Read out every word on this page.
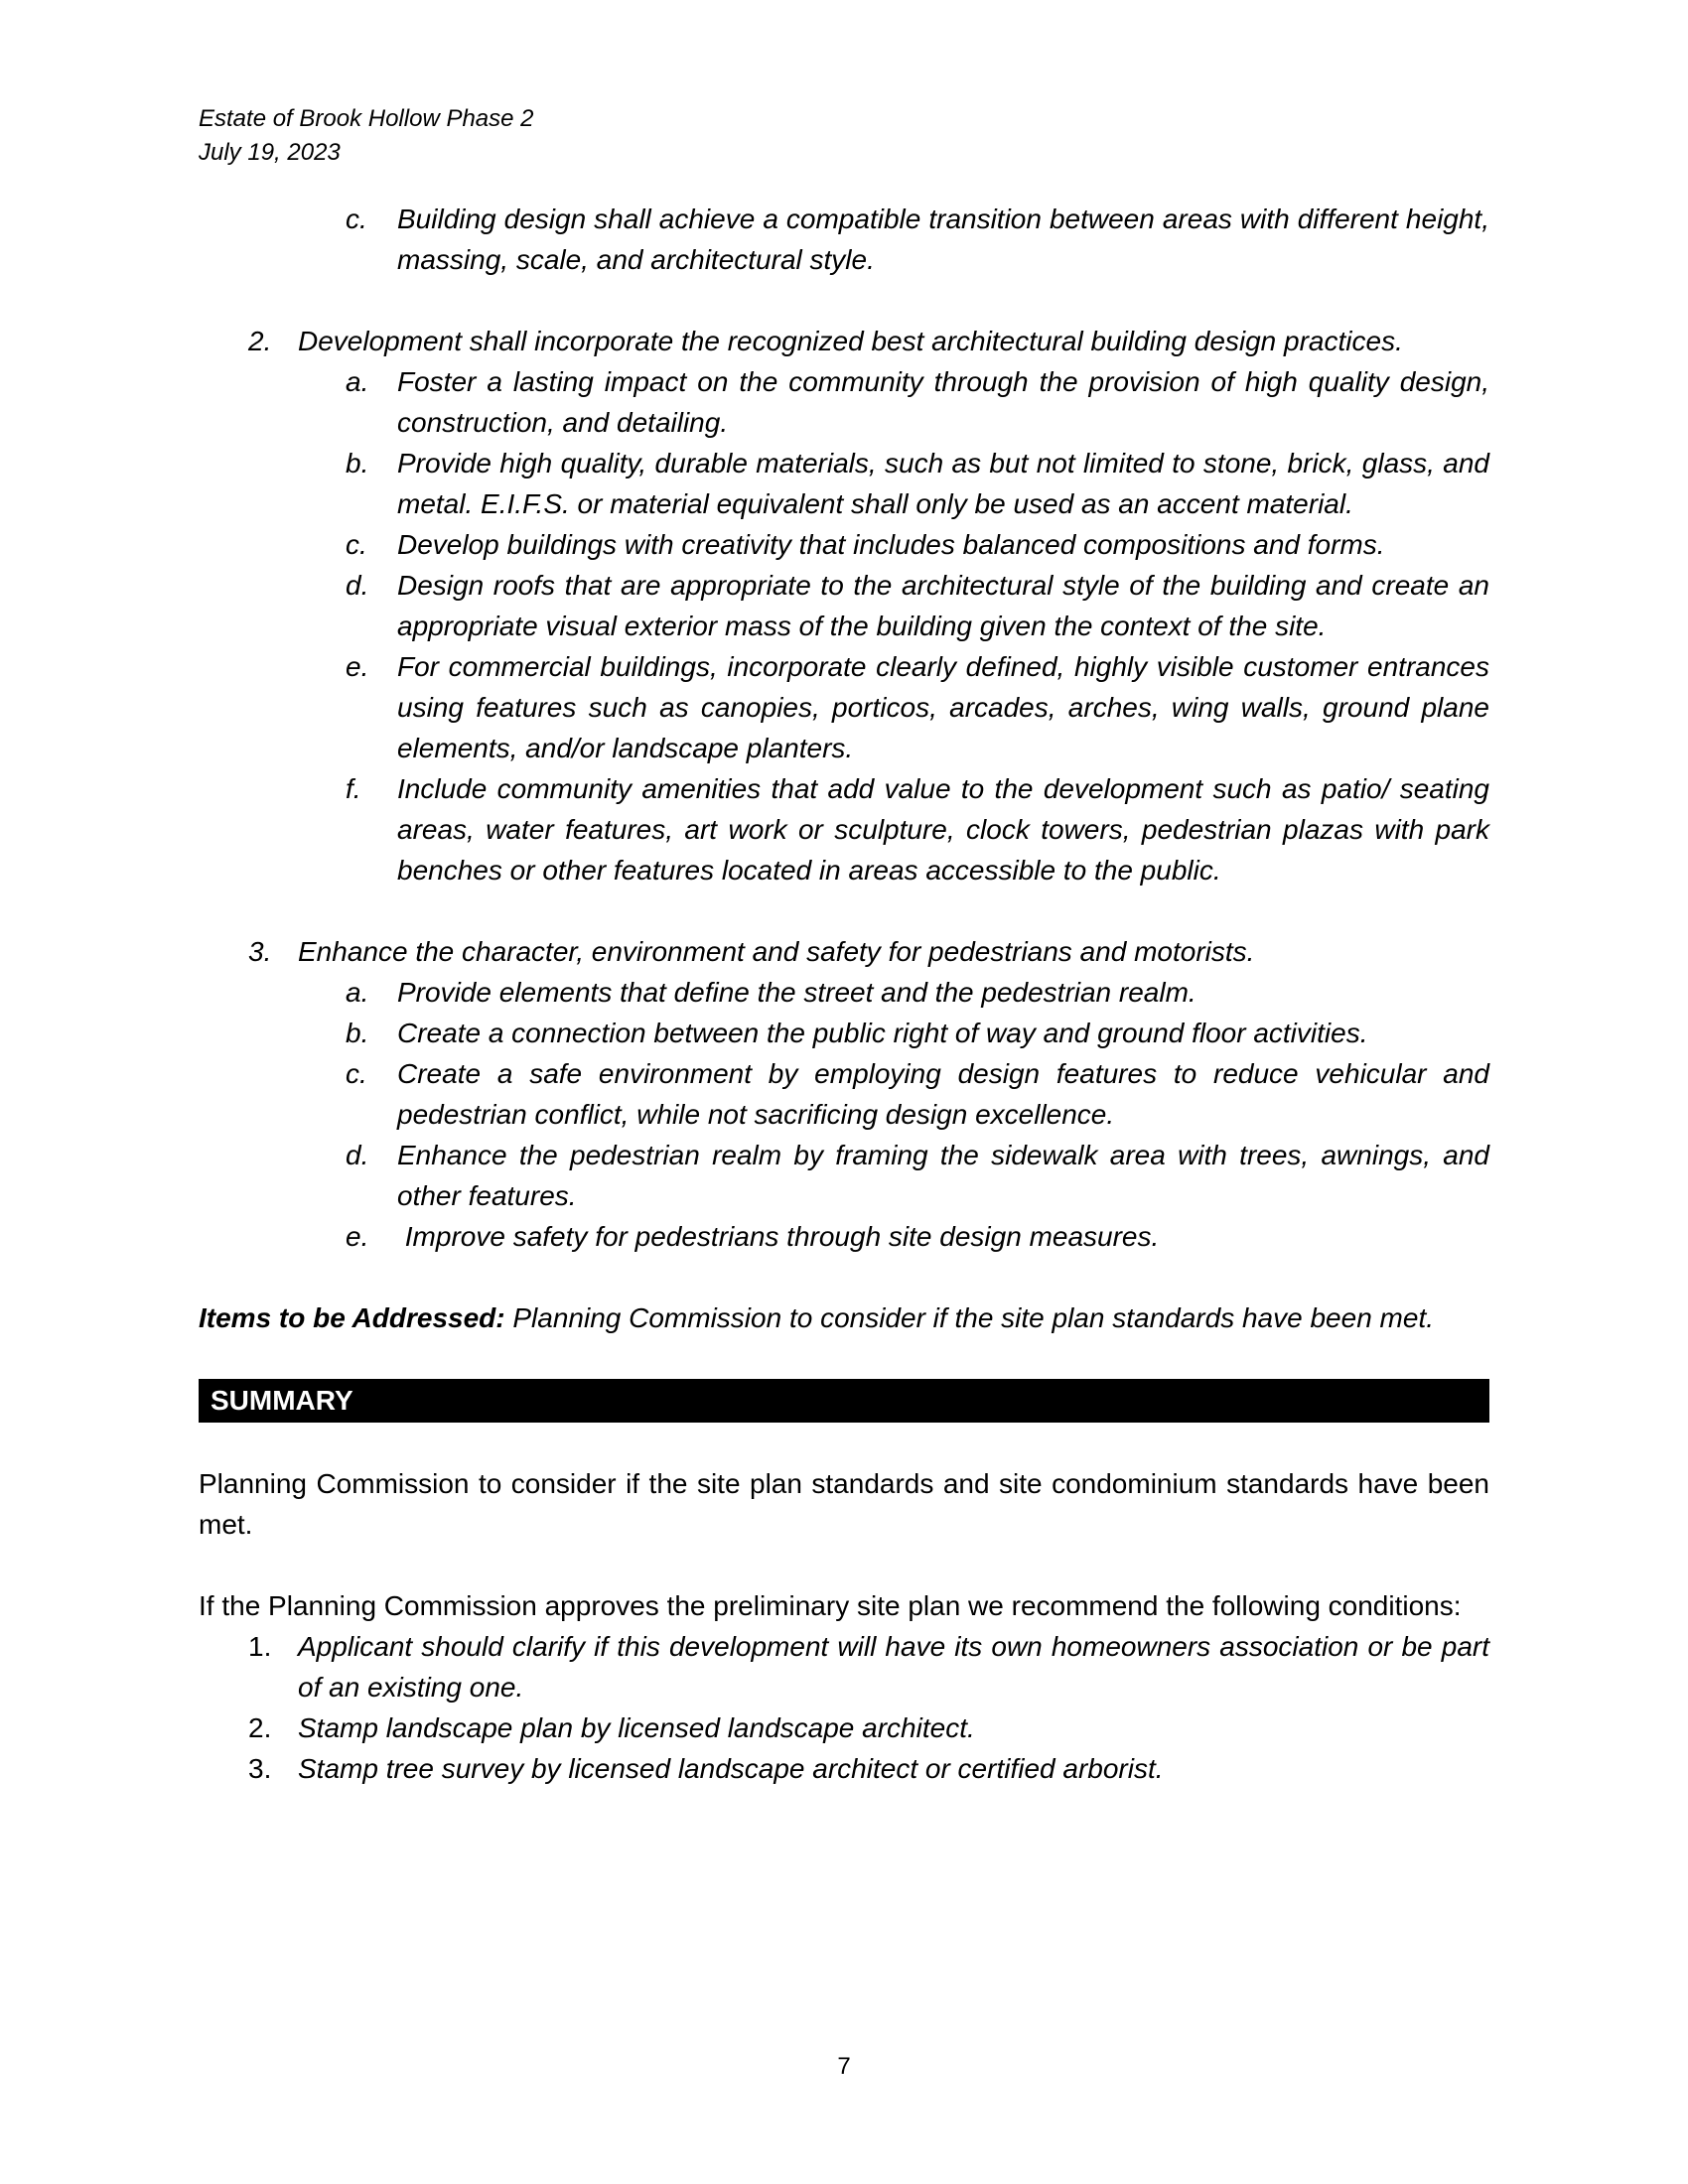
Estate of Brook Hollow Phase 2
July 19, 2023
c. Building design shall achieve a compatible transition between areas with different height, massing, scale, and architectural style.
2. Development shall incorporate the recognized best architectural building design practices.
a. Foster a lasting impact on the community through the provision of high quality design, construction, and detailing.
b. Provide high quality, durable materials, such as but not limited to stone, brick, glass, and metal. E.I.F.S. or material equivalent shall only be used as an accent material.
c. Develop buildings with creativity that includes balanced compositions and forms.
d. Design roofs that are appropriate to the architectural style of the building and create an appropriate visual exterior mass of the building given the context of the site.
e. For commercial buildings, incorporate clearly defined, highly visible customer entrances using features such as canopies, porticos, arcades, arches, wing walls, ground plane elements, and/or landscape planters.
f. Include community amenities that add value to the development such as patio/ seating areas, water features, art work or sculpture, clock towers, pedestrian plazas with park benches or other features located in areas accessible to the public.
3. Enhance the character, environment and safety for pedestrians and motorists.
a. Provide elements that define the street and the pedestrian realm.
b. Create a connection between the public right of way and ground floor activities.
c. Create a safe environment by employing design features to reduce vehicular and pedestrian conflict, while not sacrificing design excellence.
d. Enhance the pedestrian realm by framing the sidewalk area with trees, awnings, and other features.
e. Improve safety for pedestrians through site design measures.
Items to be Addressed: Planning Commission to consider if the site plan standards have been met.
SUMMARY
Planning Commission to consider if the site plan standards and site condominium standards have been met.
If the Planning Commission approves the preliminary site plan we recommend the following conditions:
1. Applicant should clarify if this development will have its own homeowners association or be part of an existing one.
2. Stamp landscape plan by licensed landscape architect.
3. Stamp tree survey by licensed landscape architect or certified arborist.
7
